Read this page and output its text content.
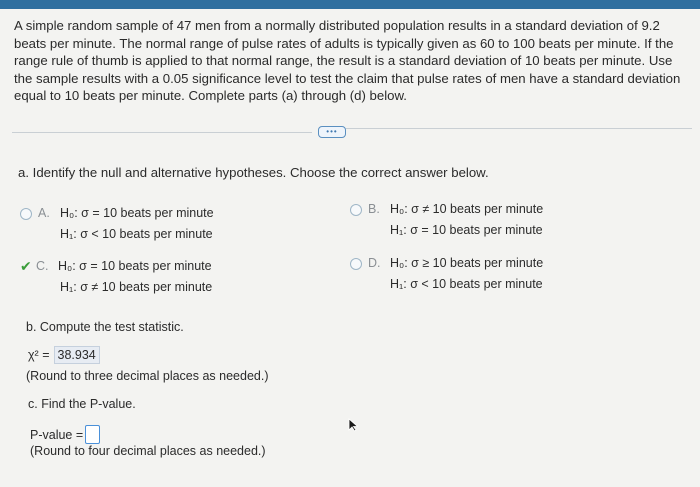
A simple random sample of 47 men from a normally distributed population results in a standard deviation of 9.2 beats per minute. The normal range of pulse rates of adults is typically given as 60 to 100 beats per minute. If the range rule of thumb is applied to that normal range, the result is a standard deviation of 10 beats per minute. Use the sample results with a 0.05 significance level to test the claim that pulse rates of men have a standard deviation equal to 10 beats per minute. Complete parts (a) through (d) below.
•••
a. Identify the null and alternative hypotheses. Choose the correct answer below.
A. H₀: σ = 10 beats per minute
H₁: σ < 10 beats per minute
B. H₀: σ ≠ 10 beats per minute
H₁: σ = 10 beats per minute
✔ C. H₀: σ = 10 beats per minute
H₁: σ ≠ 10 beats per minute
D. H₀: σ ≥ 10 beats per minute
H₁: σ < 10 beats per minute
b. Compute the test statistic.
χ² = 38.934
(Round to three decimal places as needed.)
c. Find the P-value.
P-value =
(Round to four decimal places as needed.)
